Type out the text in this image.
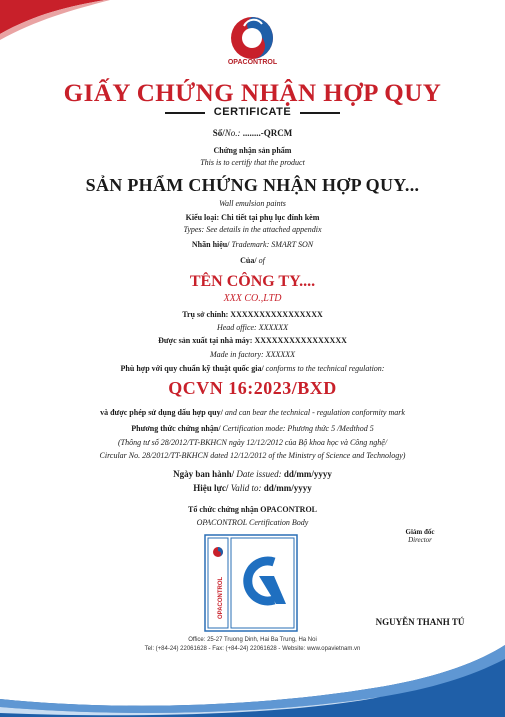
OPACONTROL
GIẤY CHỨNG NHẬN HỢP QUY
CERTIFICATE
Số/No.: ........-QRCM
Chứng nhận sản phẩm
This is to certify that the product
SẢN PHẨM CHỨNG NHẬN HỢP QUY...
Wall emulsion paints
Kiểu loại: Chi tiết tại phụ lục đính kèm
Types: See details in the attached appendix
Nhãn hiệu/ Trademark: SMART SON
Của/ of
TÊN CÔNG TY....
XXX CO.,LTD
Trụ sở chính: XXXXXXXXXXXXXXXX
Head office: XXXXXX
Được sản xuất tại nhà máy: XXXXXXXXXXXXXXXX
Made in factory: XXXXXX
Phù hợp với quy chuẩn kỹ thuật quốc gia/ conforms to the technical regulation:
QCVN 16:2023/BXD
và được phép sử dụng dấu hợp quy/ and can bear the technical - regulation conformity mark
Phương thức chứng nhận/ Certification mode: Phương thức 5 /Medthod 5
(Thông tư số 28/2012/TT-BKHCN ngày 12/12/2012 của Bộ khoa học và Công nghệ/
Circular No. 28/2012/TT-BKHCN dated 12/12/2012 of the Ministry of Science and Technology)
Ngày ban hành/ Date issued: dd/mm/yyyy
Hiệu lực/ Valid to: dd/mm/yyyy
Tổ chức chứng nhận OPACONTROL
OPACONTROL Certification Body
Giám đốc
Director
OPACONTROL
NGUYỄN THANH TÚ
Office: 25-27 Truong Dinh, Hai Ba Trung, Ha Noi
Tel: (+84-24) 22061628 - Fax: (+84-24) 22061628 - Website: www.opavietnam.vn
